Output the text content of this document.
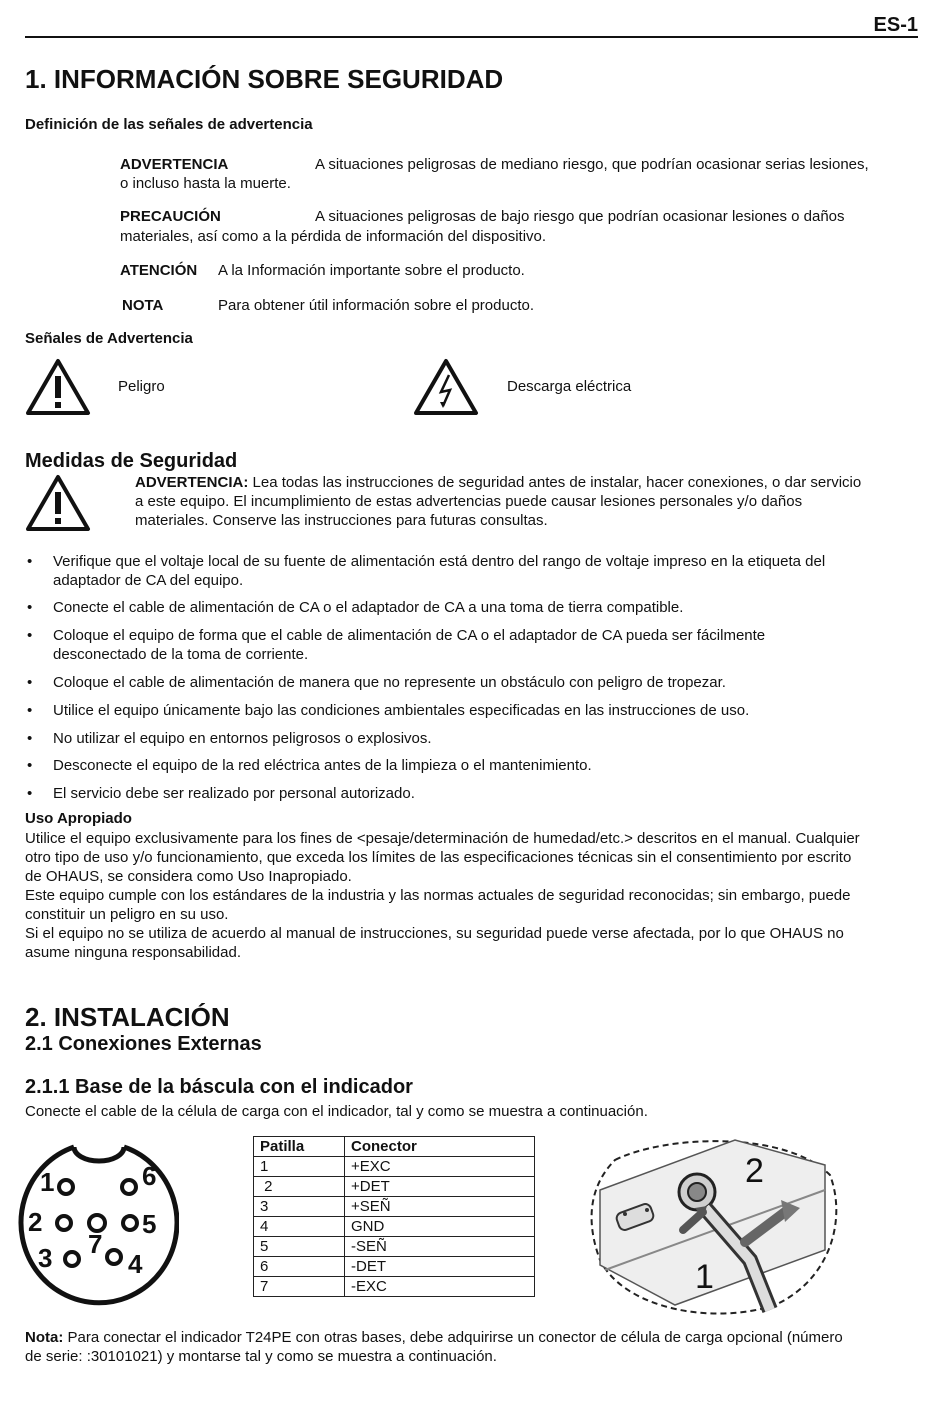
ES-1
1. INFORMACIÓN SOBRE SEGURIDAD
Definición de las señales de advertencia
ADVERTENCIA	A situaciones peligrosas de mediano riesgo, que podrían ocasionar serias lesiones,
o incluso hasta la muerte.
PRECAUCIÓN	A situaciones peligrosas de bajo riesgo que podrían ocasionar lesiones o daños
materiales, así como a la pérdida de información del dispositivo.
ATENCIÓN A la Información importante sobre el producto.
NOTA	Para obtener útil información sobre el producto.
Señales de Advertencia
Peligro	Descarga eléctrica
Medidas de Seguridad
ADVERTENCIA: Lea todas las instrucciones de seguridad antes de instalar, hacer conexiones, o dar servicio
a este equipo. El incumplimiento de estas advertencias puede causar lesiones personales y/o daños
materiales. Conserve las instrucciones para futuras consultas.
• Verifique que el voltaje local de su fuente de alimentación está dentro del rango de voltaje impreso en la etiqueta del
adaptador de CA del equipo.
• Conecte el cable de alimentación de CA o el adaptador de CA a una toma de tierra compatible.
• Coloque el equipo de forma que el cable de alimentación de CA o el adaptador de CA pueda ser fácilmente
desconectado de la toma de corriente.
• Coloque el cable de alimentación de manera que no represente un obstáculo con peligro de tropezar.
• Utilice el equipo únicamente bajo las condiciones ambientales especificadas en las instrucciones de uso.
• No utilizar el equipo en entornos peligrosos o explosivos.
• Desconecte el equipo de la red eléctrica antes de la limpieza o el mantenimiento.
• El servicio debe ser realizado por personal autorizado.
Uso Apropiado
Utilice el equipo exclusivamente para los fines de <pesaje/determinación de humedad/etc.> descritos en el manual. Cualquier
otro tipo de uso y/o funcionamiento, que exceda los límites de las especificaciones técnicas sin el consentimiento por escrito
de OHAUS, se considera como Uso Inapropiado.
Este equipo cumple con los estándares de la industria y las normas actuales de seguridad reconocidas; sin embargo, puede
constituir un peligro en su uso.
Si el equipo no se utiliza de acuerdo al manual de instrucciones, su seguridad puede verse afectada, por lo que OHAUS no
asume ninguna responsabilidad.
2. INSTALACIÓN
2.1 Conexiones Externas
2.1.1 Base de la báscula con el indicador
Conecte el cable de la célula de carga con el indicador, tal y como se muestra a continuación.
1	6
2	5
3 7
4
Patilla	Conector
1	+EXC
2	+DET
3	+SEÑ
4	GND
5	-SEÑ
6	-DET
7	-EXC
2
1
Nota: Para conectar el indicador T24PE con otras bases, debe adquirirse un conector de célula de carga opcional (número
de serie: :30101021) y montarse tal y como se muestra a continuación.
